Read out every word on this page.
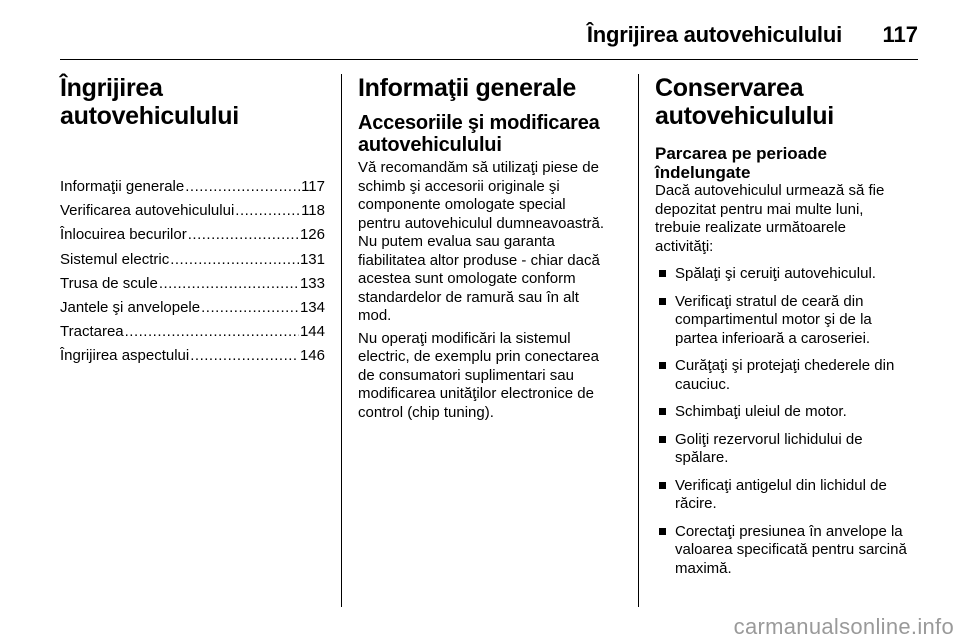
Îngrijirea autovehiculului 117
Îngrijirea
autovehiculului
Informaţii generale .....	117
Verificarea autovehiculului .....	118
Înlocuirea becurilor .....	126
Sistemul electric .....	131
Trusa de scule .....	133
Jantele şi anvelopele .....	134
Tractarea .....	144
Îngrijirea aspectului .....	146
Informaţii generale
Accesoriile şi modificarea
autovehiculului

Vă recomandăm să utilizaţi piese de
schimb şi accesorii originale şi
componente omologate special
pentru autovehiculul dumneavoastră.
Nu putem evalua sau garanta
fiabilitatea altor produse - chiar dacă
acestea sunt omologate conform
standardelor de ramură sau în alt
mod.

Nu operaţi modificări la sistemul
electric, de exemplu prin conectarea
de consumatori suplimentari sau
modificarea unităţilor electronice de
control (chip tuning).

Conservarea
autovehiculului
Parcarea pe perioade
îndelungate

Dacă autovehiculul urmează să fie
depozitat pentru mai multe luni,
trebuie realizate următoarele
activităţi:

Spălaţi şi ceruiţi autovehiculul.
Verificaţi stratul de ceară din
compartimentul motor şi de la
partea inferioară a caroseriei.
Curăţaţi şi protejaţi chederele din
cauciuc.
Schimbaţi uleiul de motor.
Goliţi rezervorul lichidului de
spălare.
Verificaţi antigelul din lichidul de
răcire.
Corectaţi presiunea în anvelope la
valoarea specificată pentru sarcină
maximă.
carmanualsonline.info
